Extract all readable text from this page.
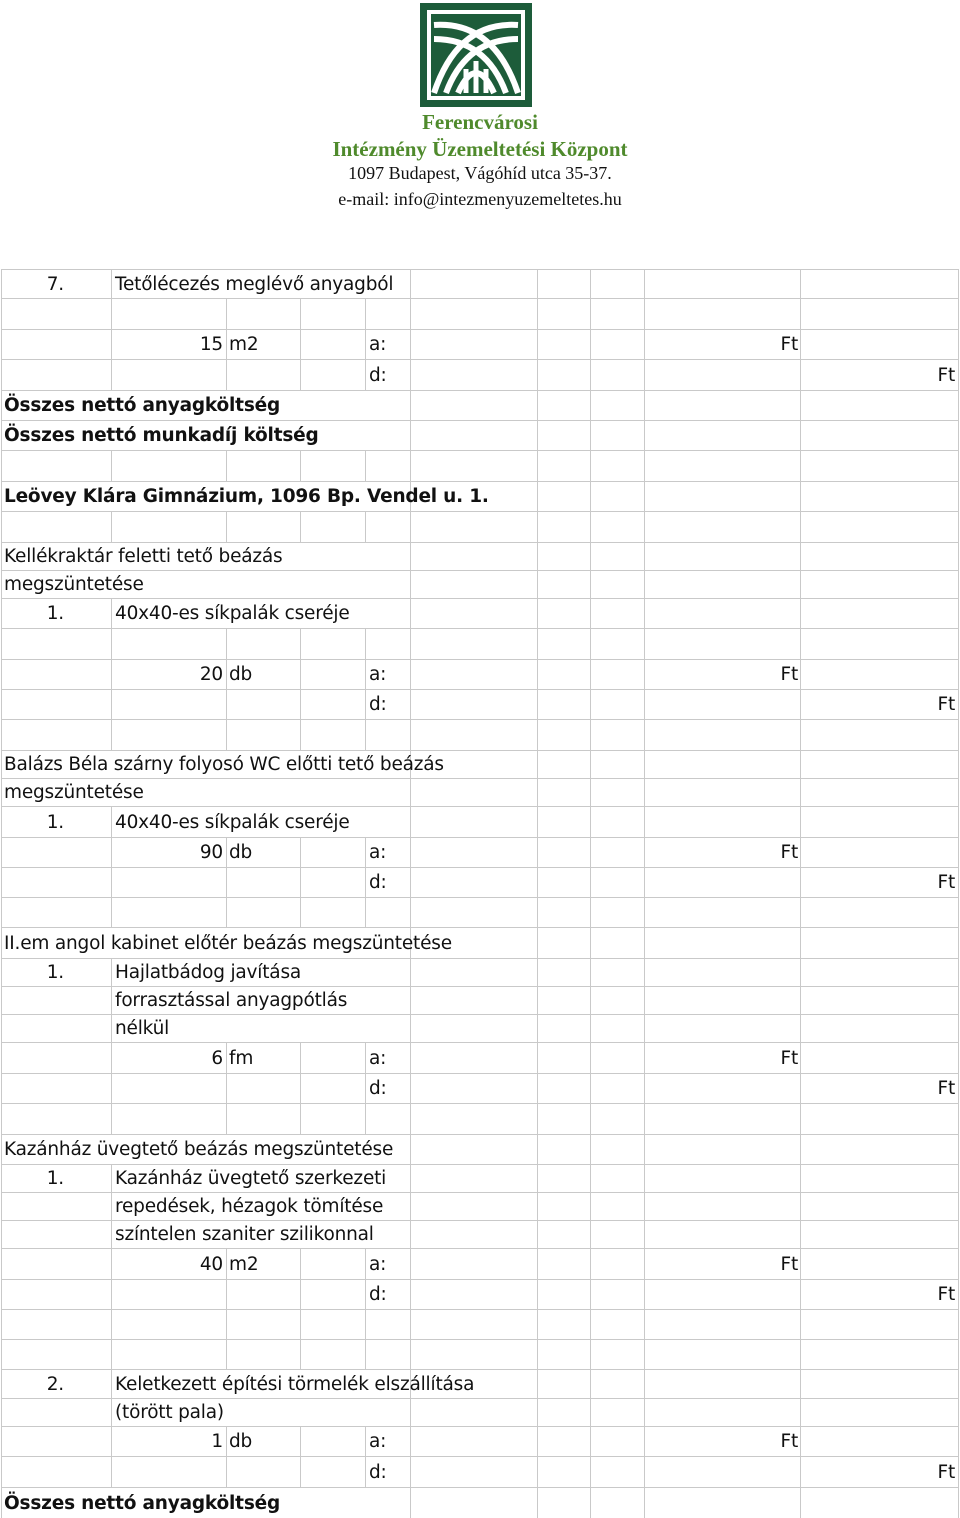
Ferencvárosi
Intézmény Üzemeltetési Központ
1097 Budapest, Vágóhíd utca 35-37.
e-mail: info@intezmenyuzemeltetes.hu
7.	Tetőlécezés meglévő anyagból
15 m2	a:	Ft
d:	Ft
Összes nettó anyagköltség
Összes nettó munkadíj költség
Leövey Klára Gimnázium, 1096 Bp. Vendel u. 1.
Kellékraktár feletti tető beázás
megszüntetése
1.	40x40-es síkpalák cseréje
20 db	a:	Ft
d:	Ft
Balázs Béla szárny folyosó WC előtti tető beázás
megszüntetése
1.	40x40-es síkpalák cseréje
90 db	a:	Ft
d:	Ft
II.em angol kabinet előtér beázás megszüntetése
1.	Hajlatbádog javítása
forrasztással anyagpótlás
nélkül
6 fm	a:	Ft
d:	Ft
Kazánház üvegtető beázás megszüntetése
1.	Kazánház üvegtető szerkezeti
repedések, hézagok tömítése
színtelen szaniter szilikonnal
40 m2	a:	Ft
d:	Ft
2.	Keletkezett építési törmelék elszállítása
(törött pala)
1 db	a:	Ft
d:	Ft
Összes nettó anyagköltség
